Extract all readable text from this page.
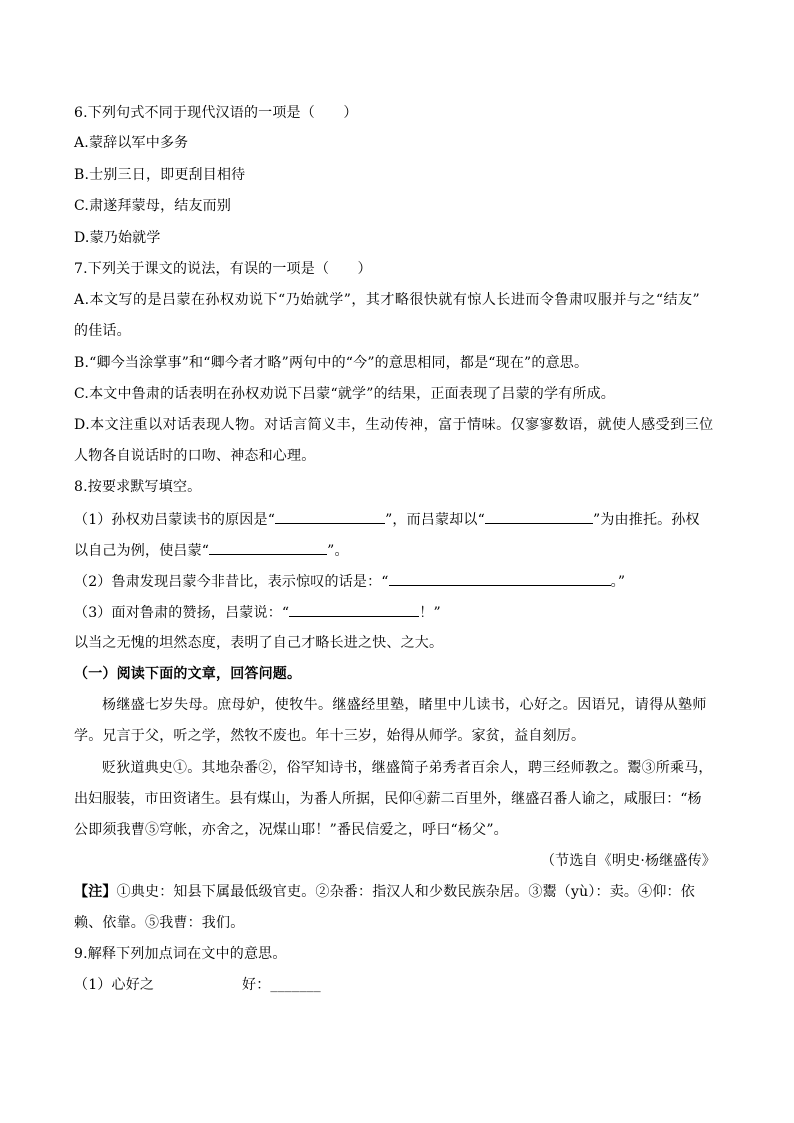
6.下列句式不同于现代汉语的一项是（　　）
A.蒙辞以军中多务
B.士别三日，即更刮目相待
C.肃遂拜蒙母，结友而别
D.蒙乃始就学
7.下列关于课文的说法，有误的一项是（　　）
A.本文写的是吕蒙在孙权劝说下“乃始就学”，其才略很快就有惊人长进而令鲁肃叹服并与之“结友”
的佳话。
B.“卿今当涂掌事”和“卿今者才略”两句中的“今”的意思相同，都是“现在”的意思。
C.本文中鲁肃的话表明在孙权劝说下吕蒙“就学”的结果，正面表现了吕蒙的学有所成。
D.本文注重以对话表现人物。对话言简义丰，生动传神，富于情味。仅寥寥数语，就使人感受到三位
人物各自说话时的口吻、神态和心理。
8.按要求默写填空。
（1）孙权劝吕蒙读书的原因是“	”，而吕蒙却以“	”为由推托。孙权
以自己为例，使吕蒙“	”。
（2）鲁肃发现吕蒙今非昔比，表示惊叹的话是：“	。”
（3）面对鲁肃的赞扬，吕蒙说：“	！”
以当之无愧的坦然态度，表明了自己才略长进之快、之大。
（一）阅读下面的文章，回答问题。
杨继盛七岁失母。庶母妒，使牧牛。继盛经里塾，睹里中儿读书，心好之。因语兄，请得从塾师
学。兄言于父，听之学，然牧不废也。年十三岁，始得从师学。家贫，益自刻厉。
贬狄道典史①。其地杂番②，俗罕知诗书，继盛简子弟秀者百余人，聘三经师教之。鬻③所乘马，
出妇服装，市田资诸生。县有煤山，为番人所据，民仰④薪二百里外，继盛召番人谕之，咸服曰：“杨
公即须我曹⑤穹帐，亦舍之，况煤山耶！”番民信爱之，呼曰“杨父”。
（节选自《明史·杨继盛传》
【注】①典史：知县下属最低级官吏。②杂番：指汉人和少数民族杂居。③鬻（yù）：卖。④仰：依
赖、依靠。⑤我曹：我们。
9.解释下列加点词在文中的意思。
（1）心好之	好：_______
